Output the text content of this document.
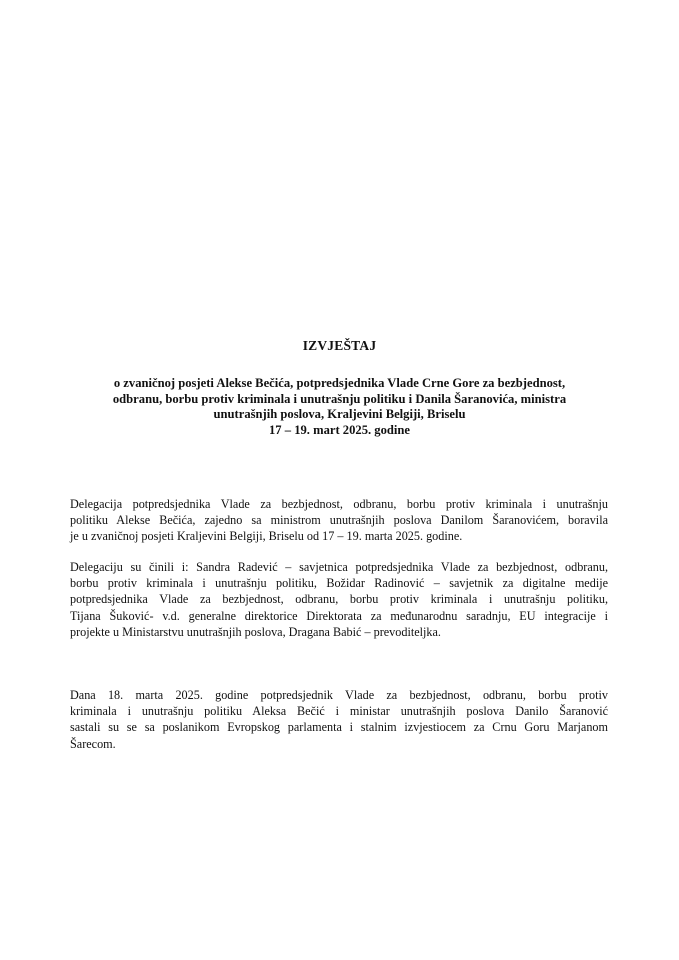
IZVJEŠTAJ
o zvaničnoj posjeti Alekse Bečića, potpredsjednika Vlade Crne Gore za bezbjednost,
odbranu, borbu protiv kriminala i unutrašnju politiku i Danila Šaranovića, ministra
unutrašnjih poslova, Kraljevini Belgiji, Briselu
17 – 19. mart 2025. godine
Delegacija potpredsjednika Vlade za bezbjednost, odbranu, borbu protiv kriminala i unutrašnju
politiku Alekse Bečića, zajedno sa ministrom unutrašnjih poslova Danilom Šaranovićem, boravila
je u zvaničnoj posjeti Kraljevini Belgiji, Briselu od 17 – 19. marta 2025. godine.
Delegaciju su činili i: Sandra Radević – savjetnica potpredsjednika Vlade za bezbjednost, odbranu,
borbu protiv kriminala i unutrašnju politiku, Božidar Radinović – savjetnik za digitalne medije
potpredsjednika Vlade za bezbjednost, odbranu, borbu protiv kriminala i unutrašnju politiku,
Tijana Šuković- v.d. generalne direktorice Direktorata za međunarodnu saradnju, EU integracije i
projekte u Ministarstvu unutrašnjih poslova, Dragana Babić – prevoditeljka.
Dana 18. marta 2025. godine potpredsjednik Vlade za bezbjednost, odbranu, borbu protiv
kriminala i unutrašnju politiku Aleksa Bečić i ministar unutrašnjih poslova Danilo Šaranović
sastali su se sa poslanikom Evropskog parlamenta i stalnim izvjestiocem za Crnu Goru Marjanom
Šarecom.
